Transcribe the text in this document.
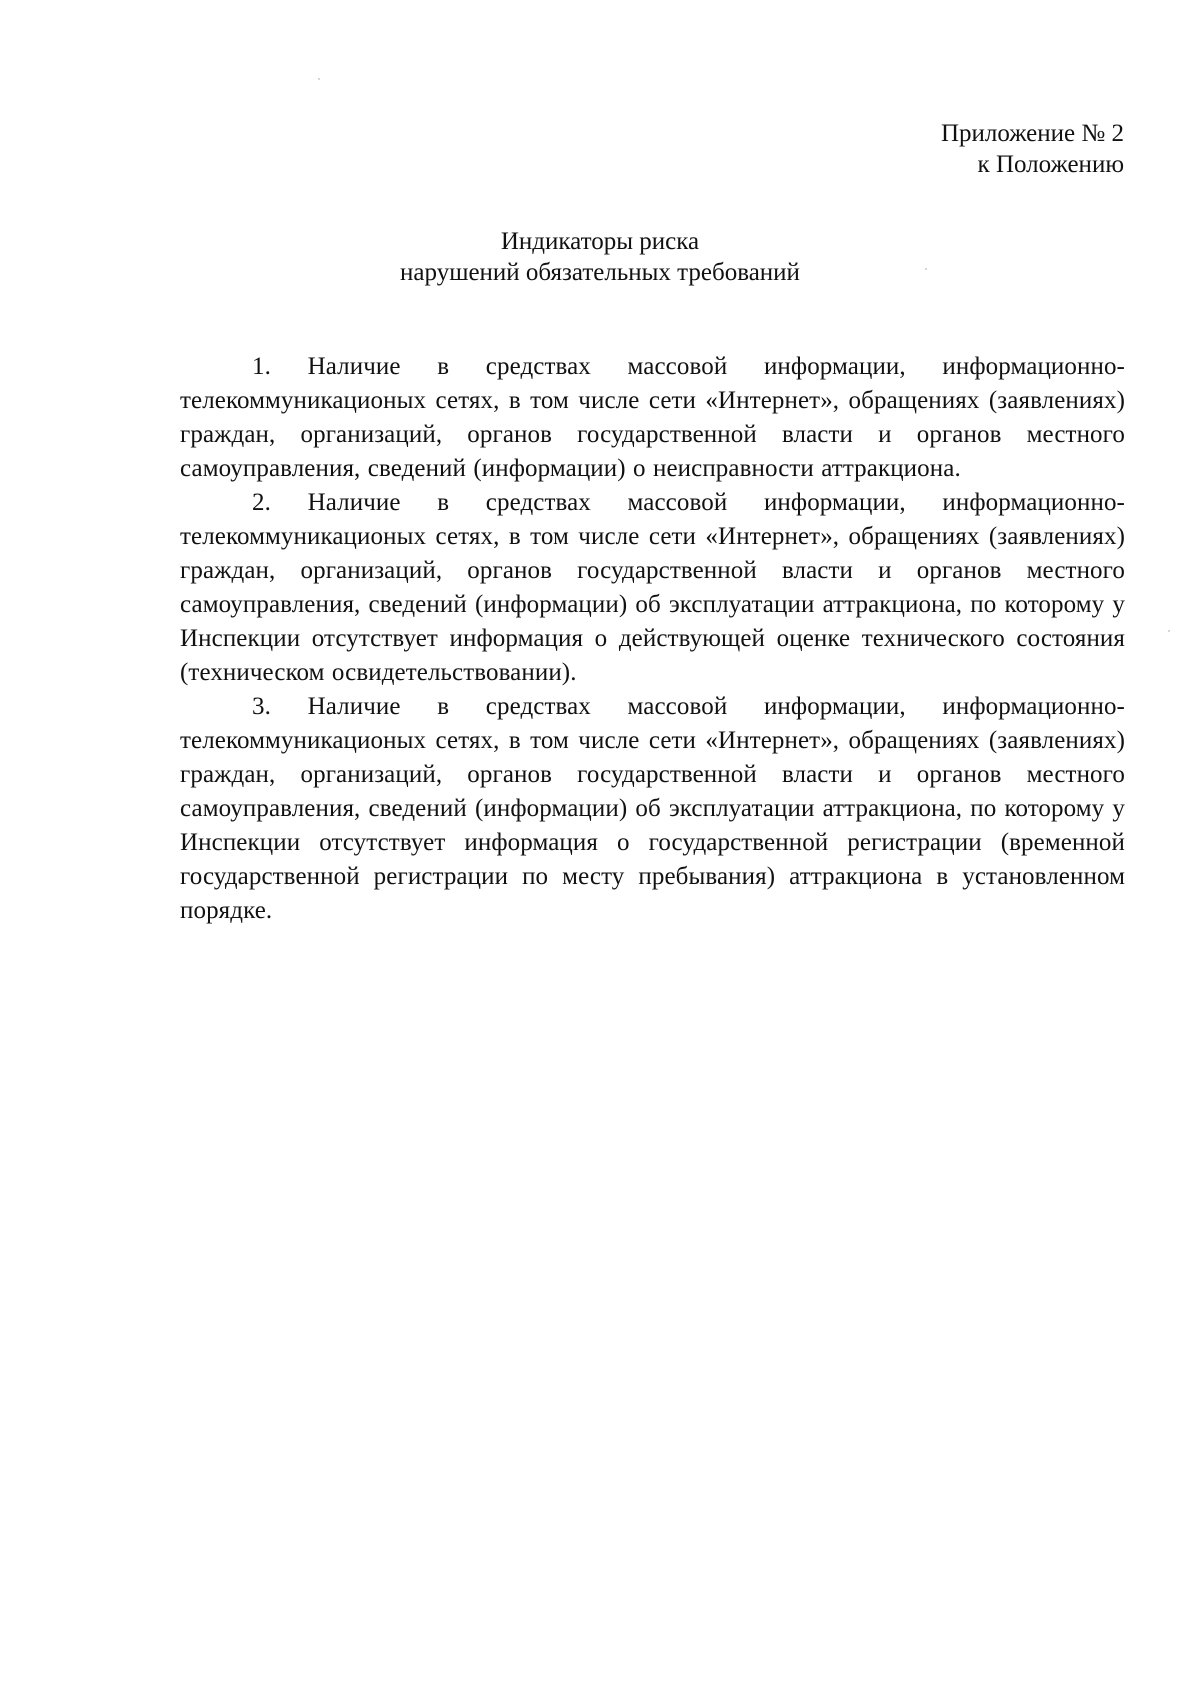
Приложение № 2
к Положению
Индикаторы риска
нарушений обязательных требований

1. Наличие в средствах массовой информации, информационно-телекоммуникационых сетях, в том числе сети «Интернет», обращениях (заявлениях) граждан, организаций, органов государственной власти и органов местного самоуправления, сведений (информации) о неисправности аттракциона.

2. Наличие в средствах массовой информации, информационно-телекоммуникационых сетях, в том числе сети «Интернет», обращениях (заявлениях) граждан, организаций, органов государственной власти и органов местного самоуправления, сведений (информации) об эксплуатации аттракциона, по которому у Инспекции отсутствует информация о действующей оценке технического состояния (техническом освидетельствовании).

3. Наличие в средствах массовой информации, информационно-телекоммуникационых сетях, в том числе сети «Интернет», обращениях (заявлениях) граждан, организаций, органов государственной власти и органов местного самоуправления, сведений (информации) об эксплуатации аттракциона, по которому у Инспекции отсутствует информация о государственной регистрации (временной государственной регистрации по месту пребывания) аттракциона в установленном порядке.
